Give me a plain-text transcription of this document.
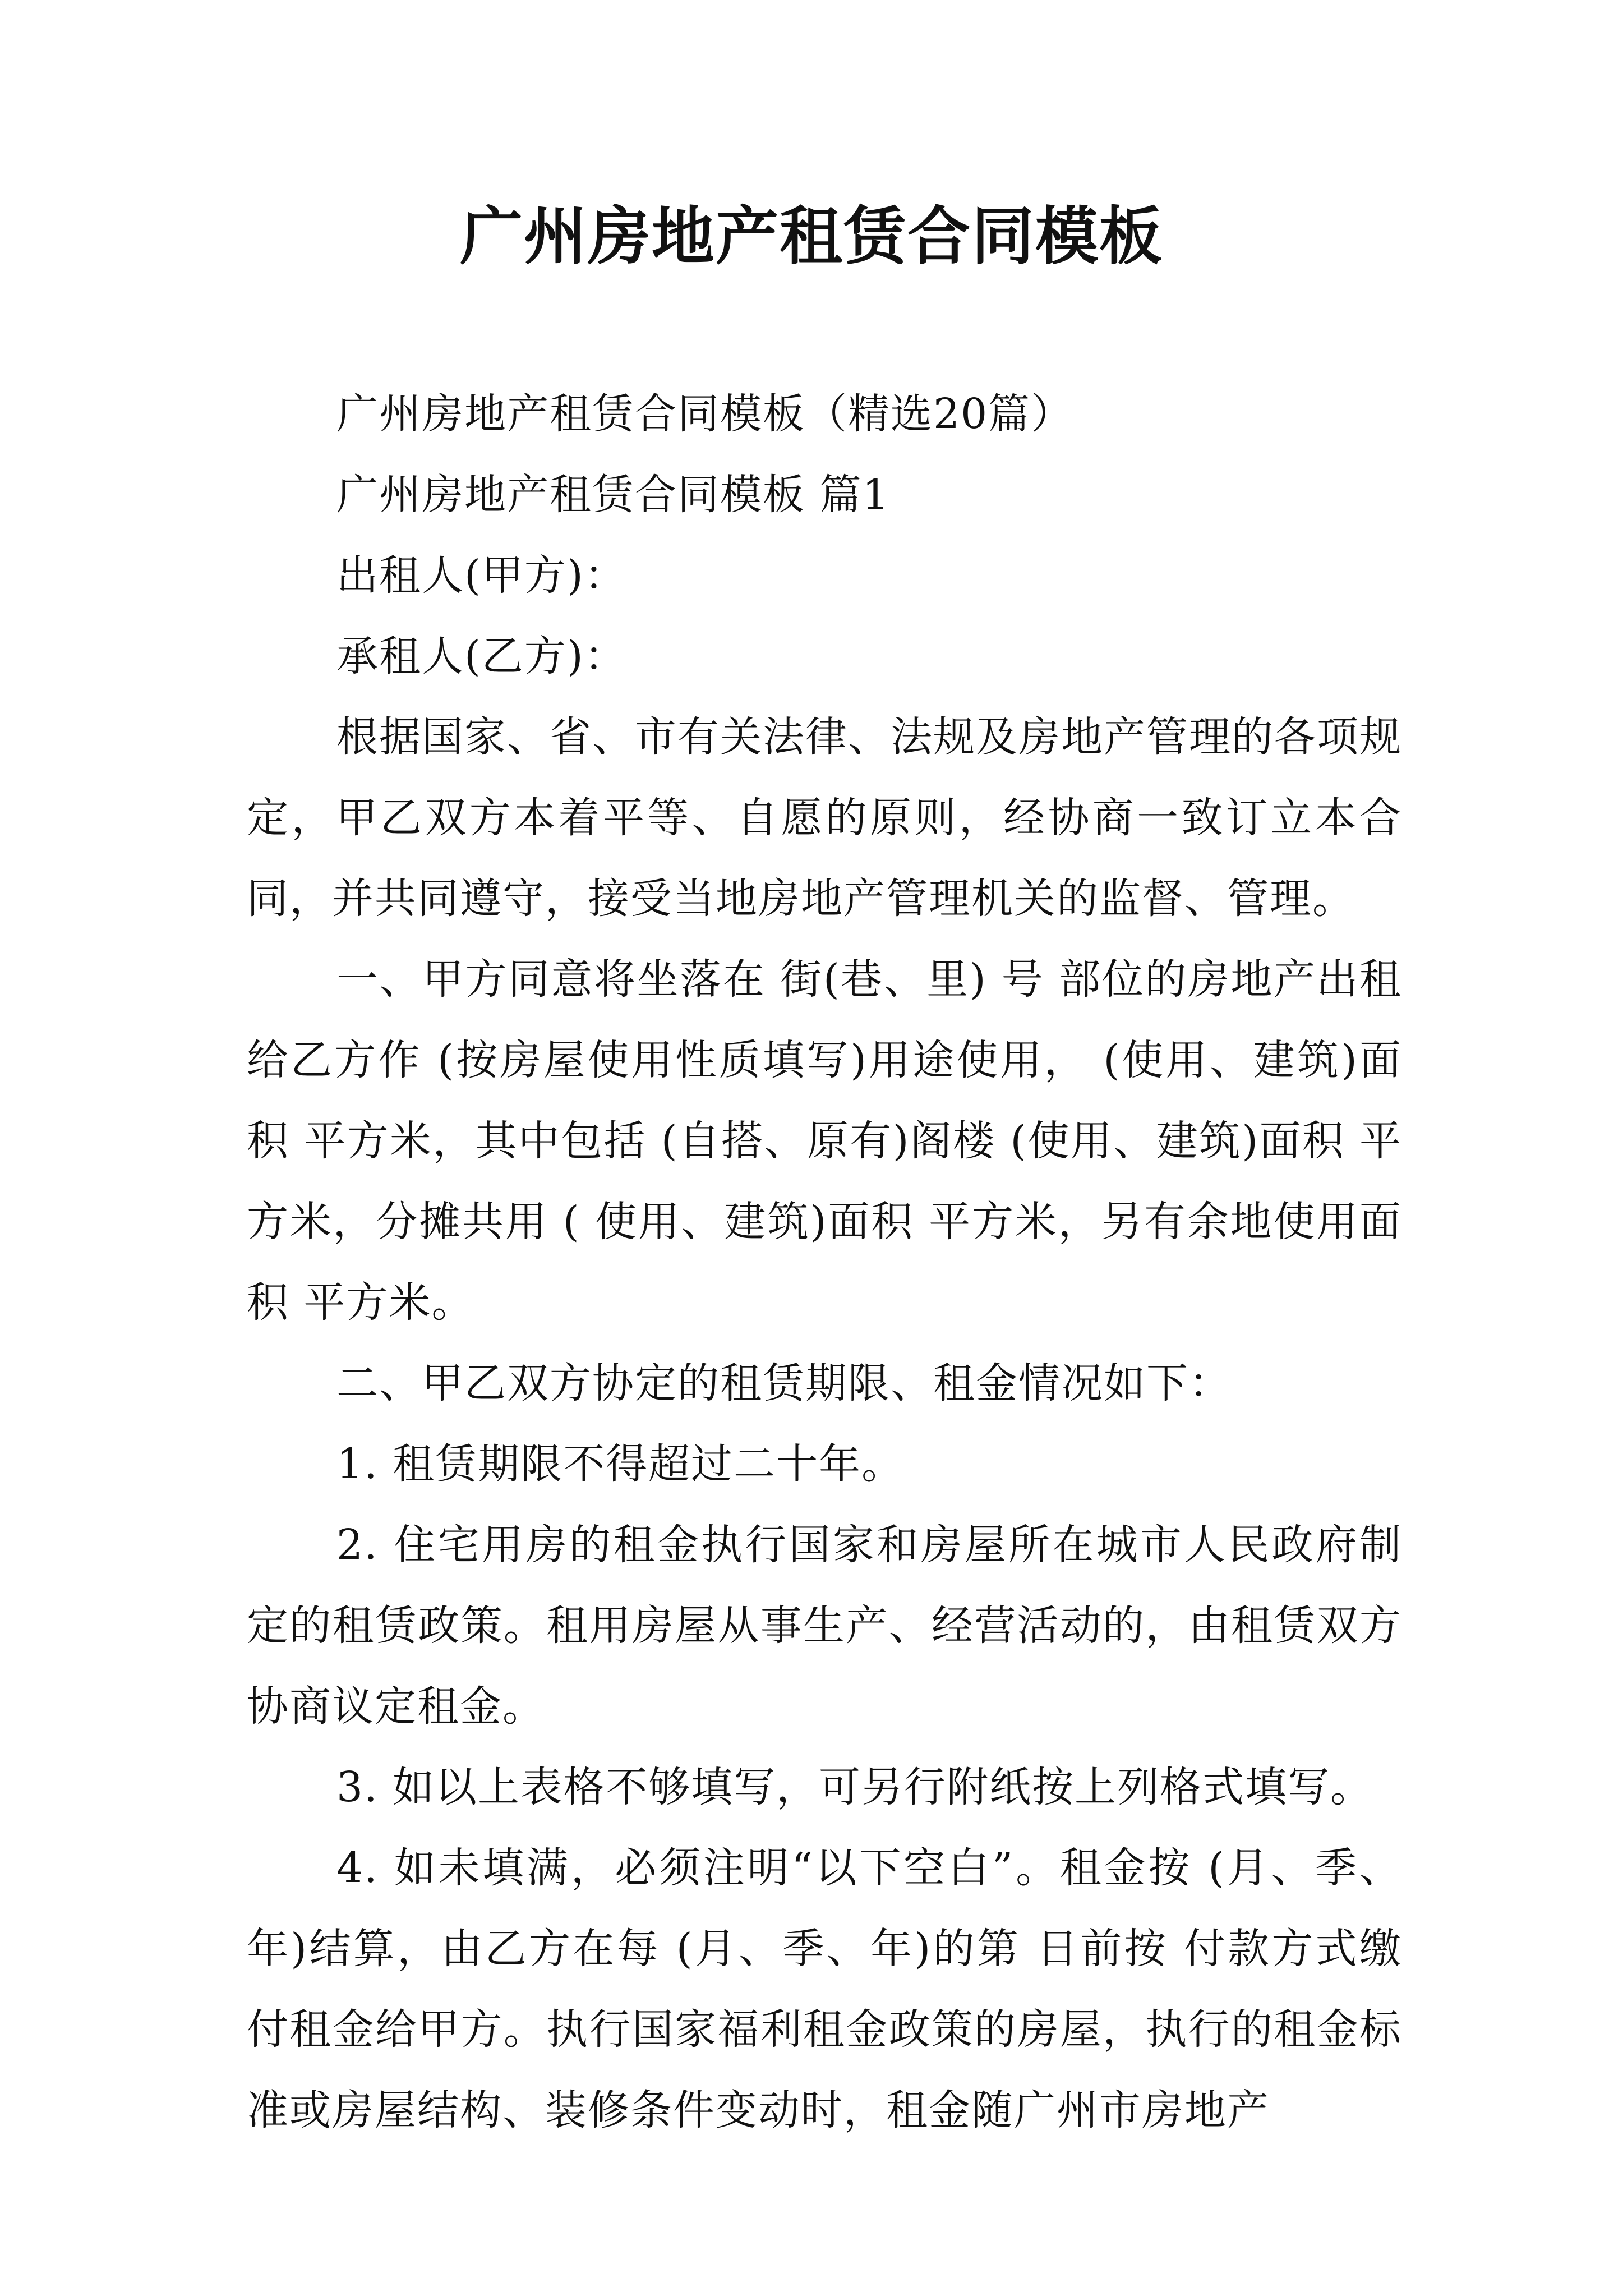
广州房地产租赁合同模板

广州房地产租赁合同模板（精选20篇）

广州房地产租赁合同模板 篇1

出租人(甲方)：

承租人(乙方)：

根据国家、省、市有关法律、法规及房地产管理的各项规定，甲乙双方本着平等、自愿的原则，经协商一致订立本合同，并共同遵守，接受当地房地产管理机关的监督、管理。

一、甲方同意将坐落在 街(巷、里) 号 部位的房地产出租给乙方作 (按房屋使用性质填写)用途使用， (使用、建筑)面积 平方米，其中包括 (自搭、原有)阁楼 (使用、建筑)面积 平方米，分摊共用 ( 使用、建筑)面积 平方米，另有余地使用面积 平方米。

二、甲乙双方协定的租赁期限、租金情况如下：

1. 租赁期限不得超过二十年。

2. 住宅用房的租金执行国家和房屋所在城市人民政府制定的租赁政策。租用房屋从事生产、经营活动的，由租赁双方协商议定租金。

3. 如以上表格不够填写，可另行附纸按上列格式填写。

4. 如未填满，必须注明“以下空白”。租金按 (月、季、年)结算，由乙方在每 (月、季、年)的第 日前按 付款方式缴付租金给甲方。执行国家福利租金政策的房屋，执行的租金标准或房屋结构、装修条件变动时，租金随广州市房地产
